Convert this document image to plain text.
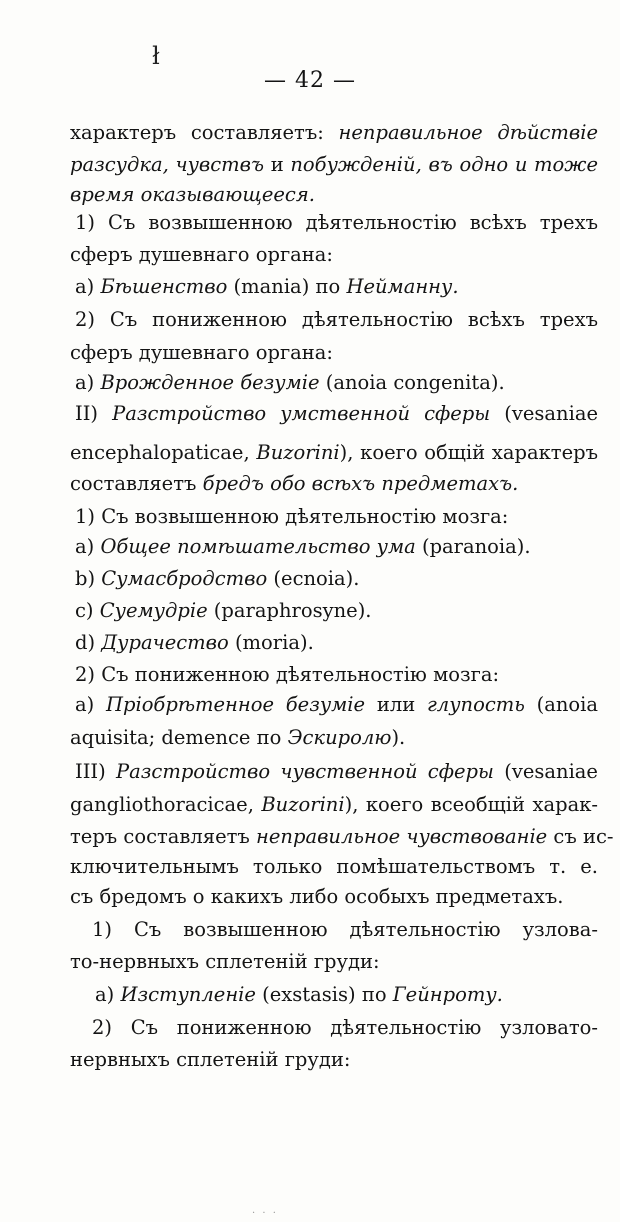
ł
— 42 —
характеръ составляетъ: неправильное дѣйствіе
разсудка, чувствъ и побужденій, въ одно и тоже
время оказывающееся.
1) Съ возвышенною дѣятельностію всѣхъ трехъ
сферъ душевнаго органа:
а) Бѣшенство (mania) по Нейманну.
2) Съ пониженною дѣятельностію всѣхъ трехъ
сферъ душевнаго органа:
а) Врожденное безуміе (anoia congenita).
II) Разстройство умственной сферы (vesaniae
encephalopaticae, Buzorini), коего общій характеръ
составляетъ бредъ обо всѣхъ предметахъ.
1) Съ возвышенною дѣятельностію мозга:
а) Общее помѣшательство ума (paranoia).
b) Сумасбродство (ecnoia).
c) Суемудріе (paraphrosyne).
d) Дурачество (moria).
2) Съ пониженною дѣятельностію мозга:
а) Пріобрѣтенное безуміе или глупость (anoia
aquisita; demence по Эскиролю).
III) Разстройство чувственной сферы (vesaniae
gangliothoracicae, Buzorini), коего всеобщій харак-
теръ составляетъ неправильное чувствованіе съ ис-
ключительнымъ только помѣшательствомъ т. е.
съ бредомъ о какихъ либо особыхъ предметахъ.
1) Съ возвышенною дѣятельностію узлова-
то-нервныхъ сплетеній груди:
а) Изступленіе (exstasis) по Гейнроту.
2) Съ пониженною дѣятельностію узловато-
нервныхъ сплетеній груди:
· · ·
